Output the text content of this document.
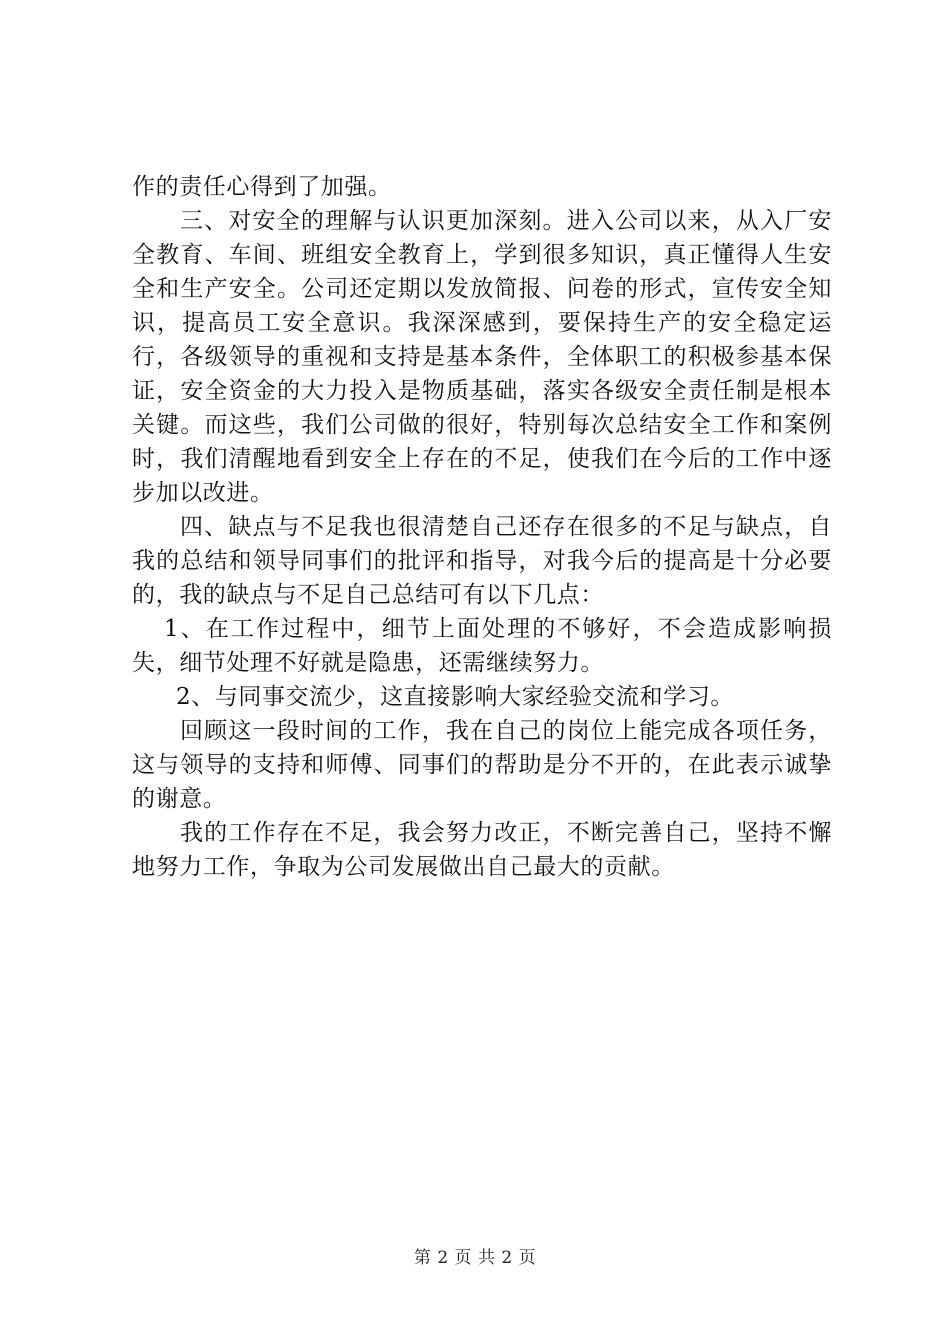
作的责任心得到了加强。

三、对安全的理解与认识更加深刻。进入公司以来，从入厂安全教育、车间、班组安全教育上，学到很多知识，真正懂得人生安全和生产安全。公司还定期以发放简报、问卷的形式，宣传安全知识，提高员工安全意识。我深深感到，要保持生产的安全稳定运行，各级领导的重视和支持是基本条件，全体职工的积极参基本保证，安全资金的大力投入是物质基础，落实各级安全责任制是根本关键。而这些，我们公司做的很好，特别每次总结安全工作和案例时，我们清醒地看到安全上存在的不足，使我们在今后的工作中逐步加以改进。

四、缺点与不足我也很清楚自己还存在很多的不足与缺点，自我的总结和领导同事们的批评和指导，对我今后的提高是十分必要的，我的缺点与不足自己总结可有以下几点：

1、在工作过程中，细节上面处理的不够好，不会造成影响损失，细节处理不好就是隐患，还需继续努力。

2、与同事交流少，这直接影响大家经验交流和学习。

回顾这一段时间的工作，我在自己的岗位上能完成各项任务，这与领导的支持和师傅、同事们的帮助是分不开的，在此表示诚挚的谢意。

我的工作存在不足，我会努力改正，不断完善自己，坚持不懈地努力工作，争取为公司发展做出自己最大的贡献。

第 2 页 共 2 页
